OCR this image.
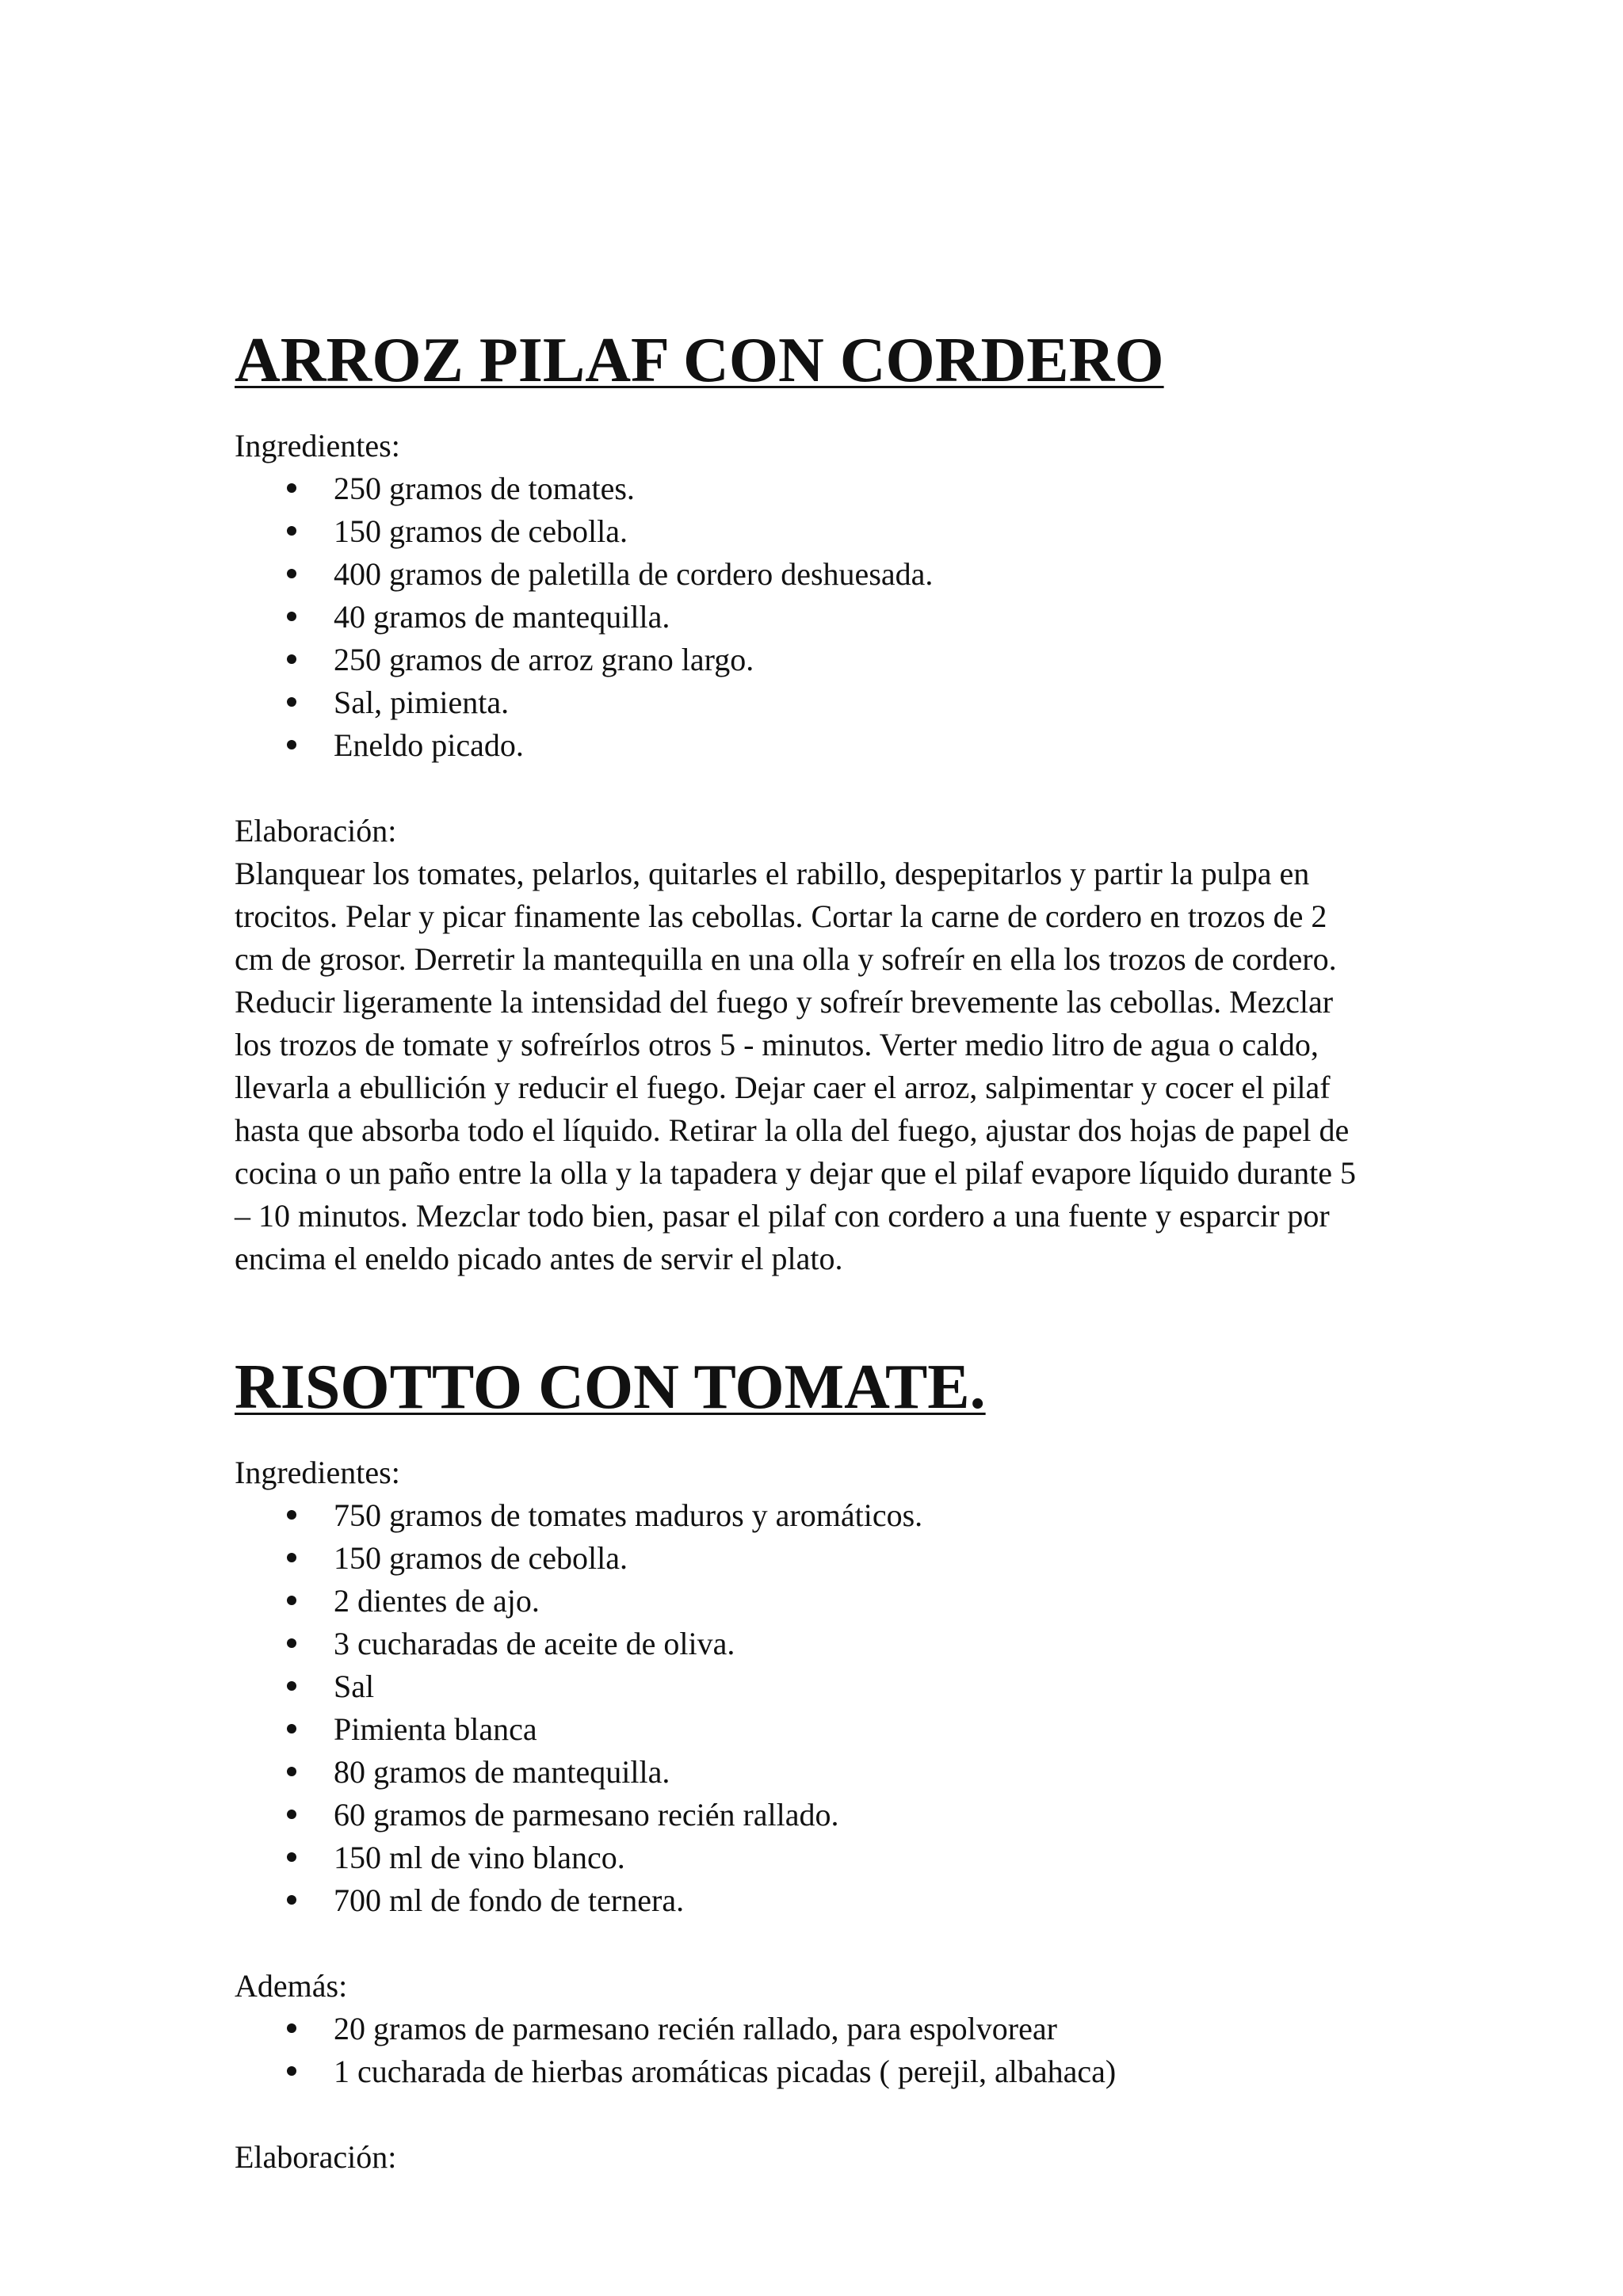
ARROZ PILAF CON CORDERO

Ingredientes:

250 gramos de tomates.
150 gramos de cebolla.
400 gramos de paletilla de cordero deshuesada.
40 gramos de mantequilla.
250 gramos de arroz grano largo.
Sal, pimienta.
Eneldo picado.

Elaboración:

Blanquear los tomates, pelarlos, quitarles el rabillo, despepitarlos y partir la pulpa en

trocitos. Pelar y picar finamente las cebollas. Cortar la carne de cordero en trozos de 2

cm de grosor. Derretir la mantequilla en una olla y sofreír en ella los trozos de cordero.

Reducir ligeramente la intensidad del fuego y sofreír brevemente las cebollas. Mezclar

los trozos de tomate y sofreírlos otros 5 - minutos. Verter medio litro de agua o caldo,

llevarla a ebullición y reducir el fuego. Dejar caer el arroz, salpimentar y cocer el pilaf

hasta que absorba todo el líquido. Retirar la olla del fuego, ajustar dos hojas de papel de

cocina o un paño entre la olla y la tapadera y dejar que el pilaf evapore líquido durante 5

– 10 minutos. Mezclar todo bien, pasar el pilaf con cordero a una fuente y esparcir por

encima el eneldo picado antes de servir el plato.

RISOTTO CON TOMATE.

Ingredientes:

750 gramos de tomates maduros y aromáticos.
150 gramos de cebolla.
2 dientes de ajo.
3 cucharadas de aceite de oliva.
Sal
Pimienta blanca
80 gramos de mantequilla.
60 gramos de parmesano recién rallado.
150 ml de vino blanco.
700 ml de fondo de ternera.

Además:

20 gramos de parmesano recién rallado, para espolvorear
1 cucharada de hierbas aromáticas picadas ( perejil, albahaca)

Elaboración:
